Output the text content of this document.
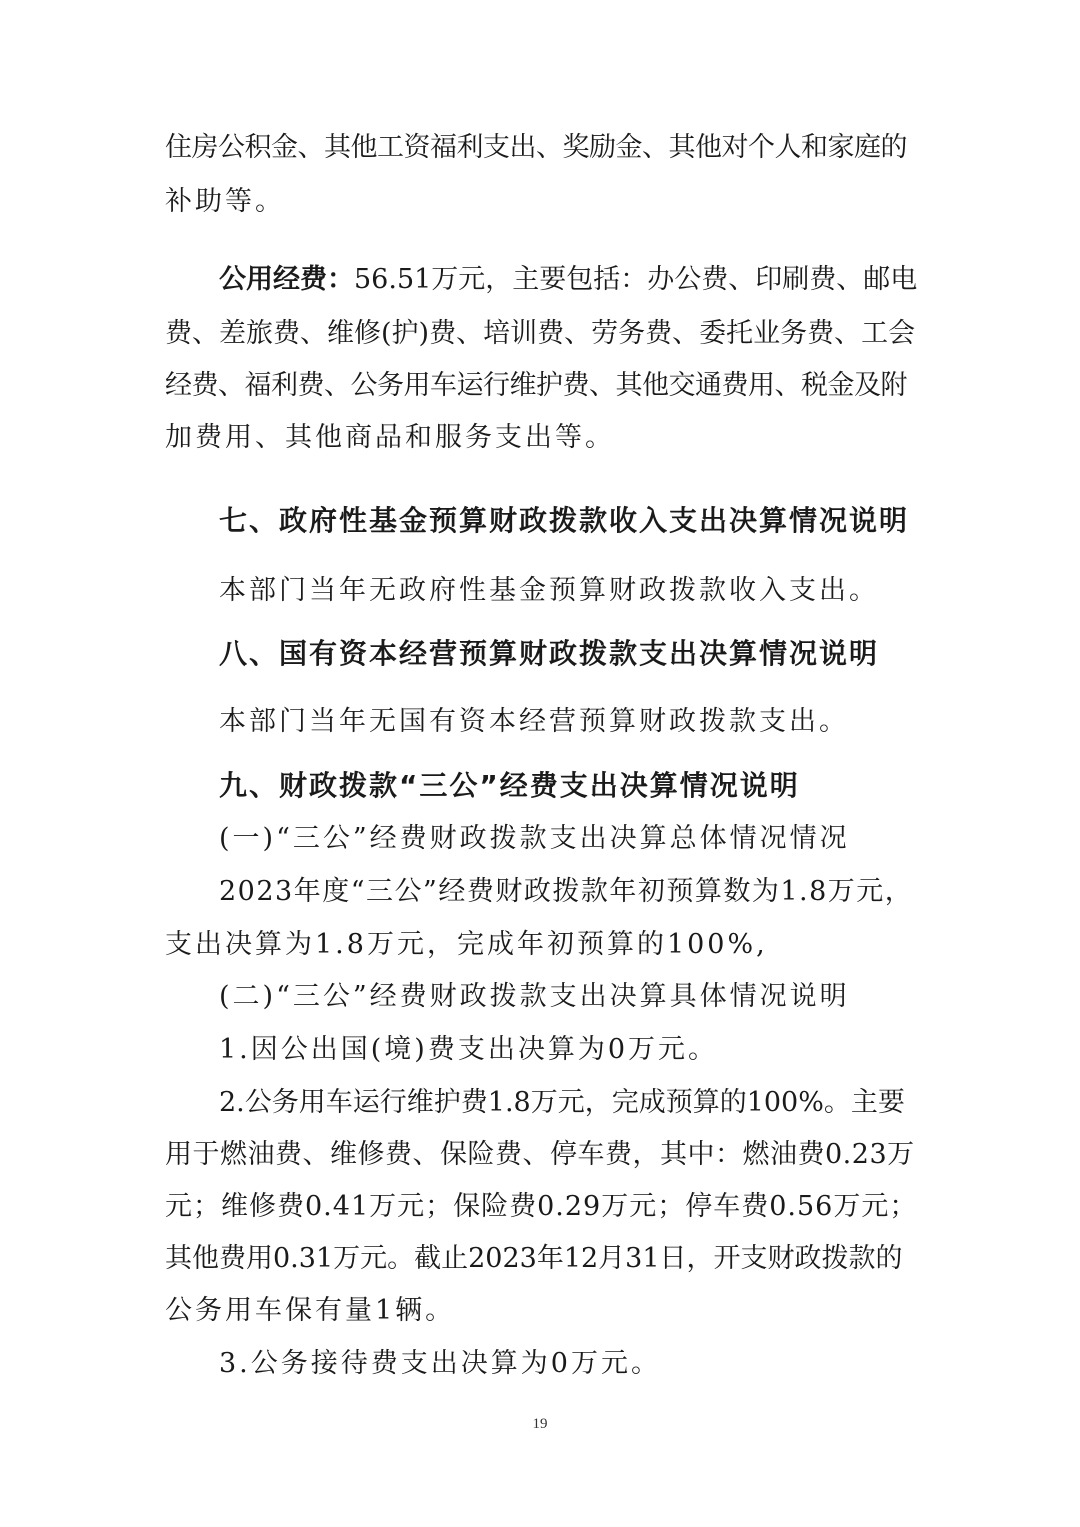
住房公积金、其他工资福利支出、奖励金、其他对个人和家庭的
补助等。
公用经费：56.51万元，主要包括：办公费、印刷费、邮电
费、差旅费、维修(护)费、培训费、劳务费、委托业务费、工会
经费、福利费、公务用车运行维护费、其他交通费用、税金及附
加费用、其他商品和服务支出等。
七、政府性基金预算财政拨款收入支出决算情况说明
本部门当年无政府性基金预算财政拨款收入支出。
八、国有资本经营预算财政拨款支出决算情况说明
本部门当年无国有资本经营预算财政拨款支出。
九、财政拨款“三公”经费支出决算情况说明
(一)“三公”经费财政拨款支出决算总体情况情况
2023年度“三公”经费财政拨款年初预算数为1.8万元，
支出决算为1.8万元，完成年初预算的100%,
(二)“三公”经费财政拨款支出决算具体情况说明
1.因公出国(境)费支出决算为0万元。
2.公务用车运行维护费1.8万元，完成预算的100%。主要
用于燃油费、维修费、保险费、停车费，其中：燃油费0.23万
元；维修费0.41万元；保险费0.29万元；停车费0.56万元；
其他费用0.31万元。截止2023年12月31日，开支财政拨款的
公务用车保有量1辆。
3.公务接待费支出决算为0万元。
19
